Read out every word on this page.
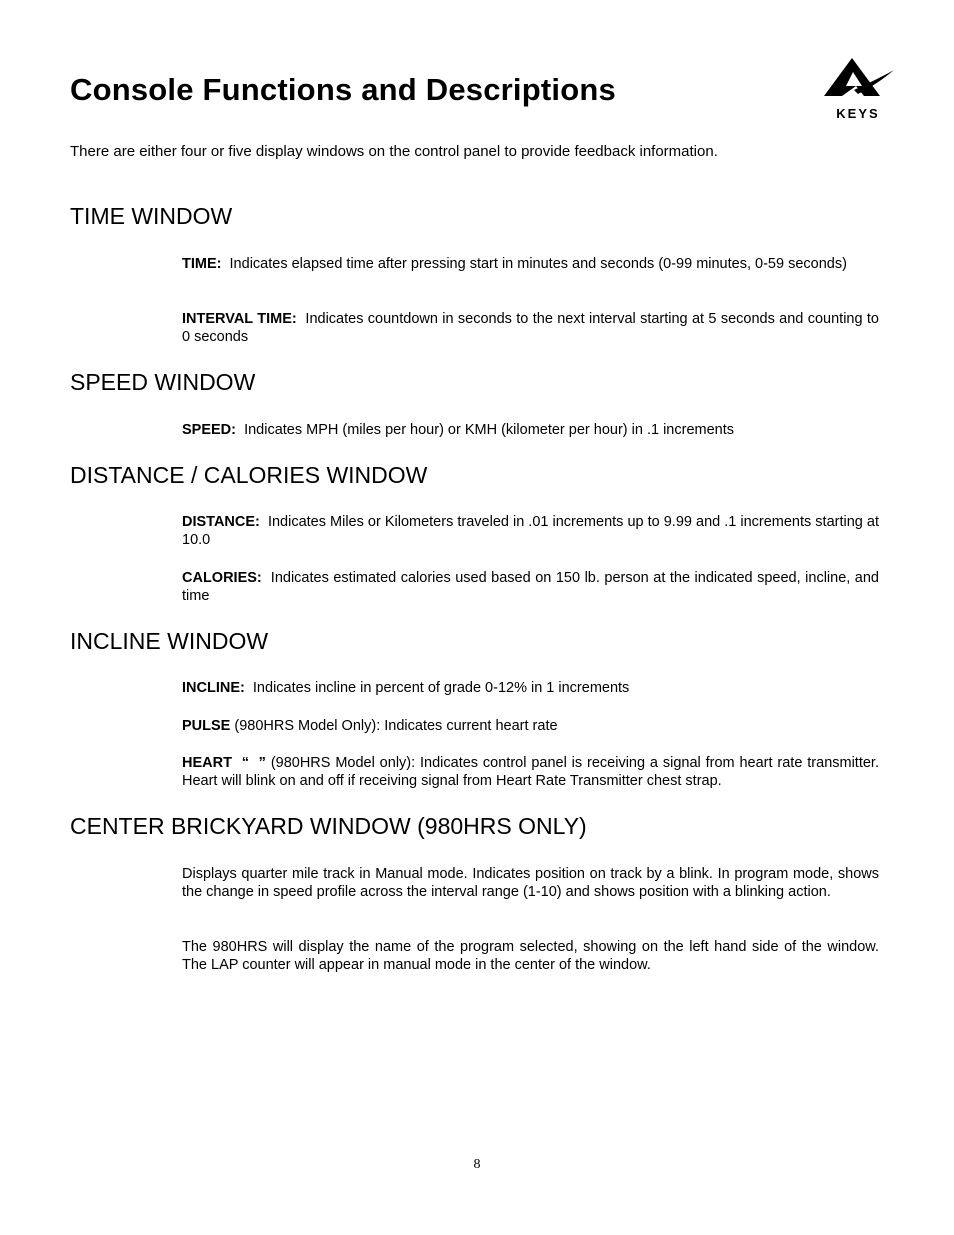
Console Functions and Descriptions
KEYS

There are either four or five display windows on the control panel to provide feedback information.

TIME WINDOW

TIME: Indicates elapsed time after pressing start in minutes and seconds (0-99 minutes, 0-59 seconds)

INTERVAL TIME: Indicates countdown in seconds to the next interval starting at 5 seconds and counting to 0 seconds

SPEED WINDOW

SPEED: Indicates MPH (miles per hour) or KMH (kilometer per hour) in .1 increments

DISTANCE / CALORIES WINDOW

DISTANCE: Indicates Miles or Kilometers traveled in .01 increments up to 9.99 and .1 increments starting at 10.0

CALORIES: Indicates estimated calories used based on 150 lb. person at the indicated speed, incline, and time

INCLINE WINDOW

INCLINE: Indicates incline in percent of grade 0-12% in 1 increments

PULSE (980HRS Model Only): Indicates current heart rate

HEART  “  ” (980HRS Model only): Indicates control panel is receiving a signal from heart rate transmitter. Heart will blink on and off if receiving signal from Heart Rate Transmitter chest strap.

CENTER BRICKYARD WINDOW (980HRS ONLY)

Displays quarter mile track in Manual mode. Indicates position on track by a blink. In program mode, shows the change in speed profile across the interval range (1-10) and shows position with a blinking action.

The 980HRS will display the name of the program selected, showing on the left hand side of the window. The LAP counter will appear in manual mode in the center of the window.

8
